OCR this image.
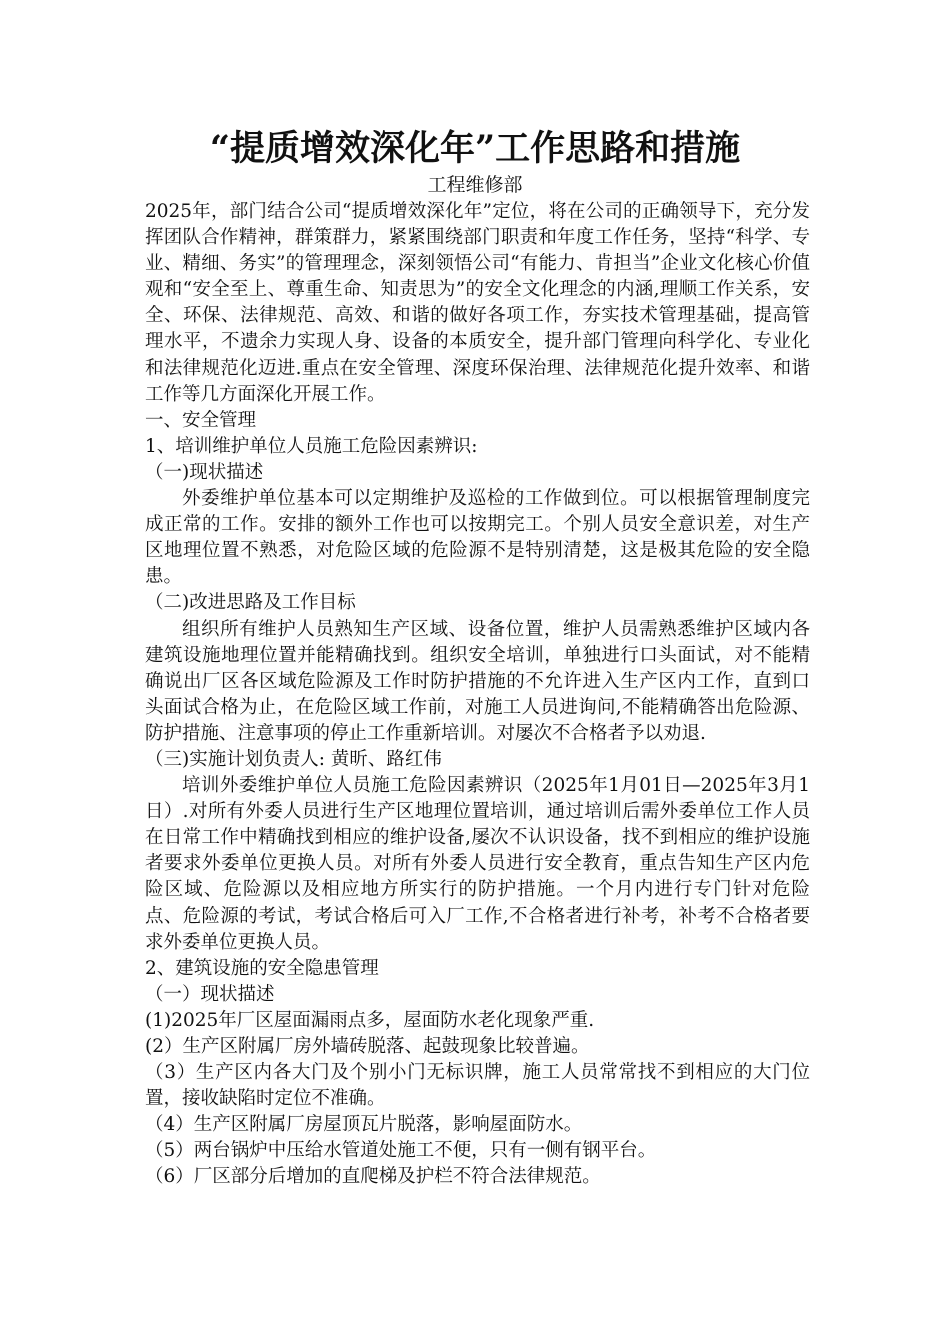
“提质增效深化年”工作思路和措施
工程维修部

2025年，部门结合公司“提质增效深化年”定位，将在公司的正确领导下，充分发挥团队合作精神，群策群力，紧紧围绕部门职责和年度工作任务，坚持“科学、专业、精细、务实”的管理理念，深刻领悟公司“有能力、肯担当”企业文化核心价值观和“安全至上、尊重生命、知责思为”的安全文化理念的内涵,理顺工作关系，安全、环保、法律规范、高效、和谐的做好各项工作，夯实技术管理基础，提高管理水平，不遗余力实现人身、设备的本质安全，提升部门管理向科学化、专业化和法律规范化迈进.重点在安全管理、深度环保治理、法律规范化提升效率、和谐工作等几方面深化开展工作。

一、安全管理

1、培训维护单位人员施工危险因素辨识:

（一)现状描述

外委维护单位基本可以定期维护及巡检的工作做到位。可以根据管理制度完成正常的工作。安排的额外工作也可以按期完工。个别人员安全意识差，对生产区地理位置不熟悉，对危险区域的危险源不是特别清楚，这是极其危险的安全隐患。

（二)改进思路及工作目标

组织所有维护人员熟知生产区域、设备位置，维护人员需熟悉维护区域内各建筑设施地理位置并能精确找到。组织安全培训，单独进行口头面试，对不能精确说出厂区各区域危险源及工作时防护措施的不允许进入生产区内工作，直到口头面试合格为止，在危险区域工作前，对施工人员进询问,不能精确答出危险源、防护措施、注意事项的停止工作重新培训。对屡次不合格者予以劝退.

（三)实施计划负责人: 黄昕、路红伟

培训外委维护单位人员施工危险因素辨识（2025年1月01日—2025年3月1日）.对所有外委人员进行生产区地理位置培训，通过培训后需外委单位工作人员在日常工作中精确找到相应的维护设备,屡次不认识设备，找不到相应的维护设施者要求外委单位更换人员。对所有外委人员进行安全教育，重点告知生产区内危险区域、危险源以及相应地方所实行的防护措施。一个月内进行专门针对危险点、危险源的考试，考试合格后可入厂工作,不合格者进行补考，补考不合格者要求外委单位更换人员。

2、建筑设施的安全隐患管理

（一）现状描述

(1)2025年厂区屋面漏雨点多，屋面防水老化现象严重.

(2）生产区附属厂房外墙砖脱落、起鼓现象比较普遍。

（3）生产区内各大门及个别小门无标识牌，施工人员常常找不到相应的大门位置，接收缺陷时定位不准确。

（4）生产区附属厂房屋顶瓦片脱落，影响屋面防水。

（5）两台锅炉中压给水管道处施工不便，只有一侧有钢平台。

（6）厂区部分后增加的直爬梯及护栏不符合法律规范。
